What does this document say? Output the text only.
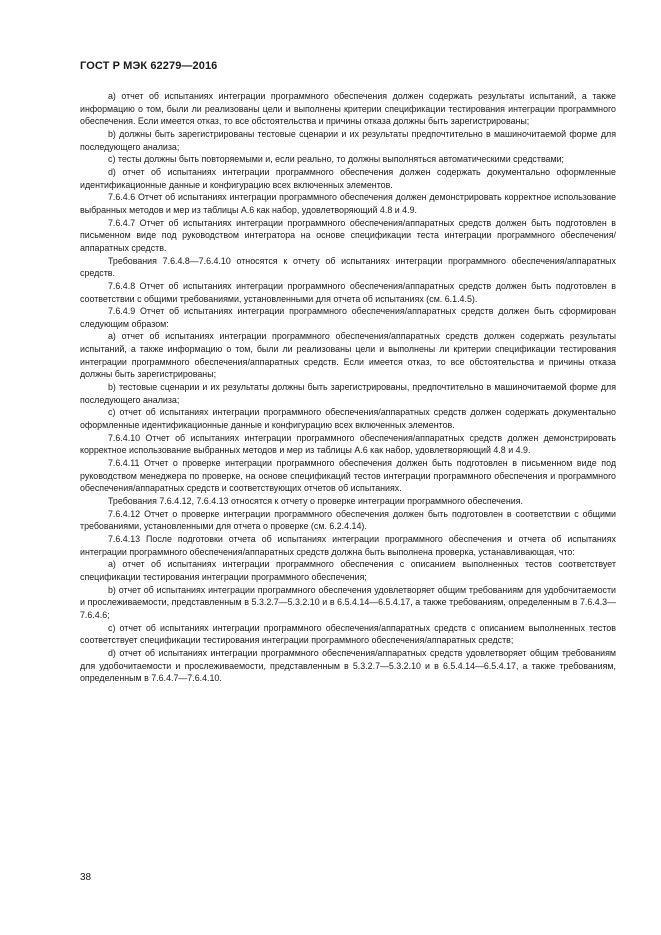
ГОСТ Р МЭК 62279—2016

a) отчет об испытаниях интеграции программного обеспечения должен содержать результаты испытаний, а также информацию о том, были ли реализованы цели и выполнены критерии спецификации тестирования интеграции программного обеспечения. Если имеется отказ, то все обстоятельства и причины отказа должны быть зарегистрированы;

b) должны быть зарегистрированы тестовые сценарии и их результаты предпочтительно в машиночитаемой форме для последующего анализа;

c) тесты должны быть повторяемыми и, если реально, то должны выполняться автоматическими средствами;

d) отчет об испытаниях интеграции программного обеспечения должен содержать документально оформленные идентификационные данные и конфигурацию всех включенных элементов.

7.6.4.6 Отчет об испытаниях интеграции программного обеспечения должен демонстрировать корректное использование выбранных методов и мер из таблицы А.6 как набор, удовлетворяющий 4.8 и 4.9.

7.6.4.7 Отчет об испытаниях интеграции программного обеспечения/аппаратных средств должен быть подготовлен в письменном виде под руководством интегратора на основе спецификации теста интеграции программного обеспечения/аппаратных средств.

Требования 7.6.4.8—7.6.4.10 относятся к отчету об испытаниях интеграции программного обеспечения/аппаратных средств.

7.6.4.8 Отчет об испытаниях интеграции программного обеспечения/аппаратных средств должен быть подготовлен в соответствии с общими требованиями, установленными для отчета об испытаниях (см. 6.1.4.5).

7.6.4.9 Отчет об испытаниях интеграции программного обеспечения/аппаратных средств должен быть сформирован следующим образом:

a) отчет об испытаниях интеграции программного обеспечения/аппаратных средств должен содержать результаты испытаний, а также информацию о том, были ли реализованы цели и выполнены ли критерии спецификации тестирования интеграции программного обеспечения/аппаратных средств. Если имеется отказ, то все обстоятельства и причины отказа должны быть зарегистрированы;

b) тестовые сценарии и их результаты должны быть зарегистрированы, предпочтительно в машиночитаемой форме для последующего анализа;

c) отчет об испытаниях интеграции программного обеспечения/аппаратных средств должен содержать документально оформленные идентификационные данные и конфигурацию всех включенных элементов.

7.6.4.10 Отчет об испытаниях интеграции программного обеспечения/аппаратных средств должен демонстрировать корректное использование выбранных методов и мер из таблицы А.6 как набор, удовлетворяющий 4.8 и 4.9.

7.6.4.11 Отчет о проверке интеграции программного обеспечения должен быть подготовлен в письменном виде под руководством менеджера по проверке, на основе спецификаций тестов интеграции программного обеспечения и программного обеспечения/аппаратных средств и соответствующих отчетов об испытаниях.

Требования 7.6.4.12, 7.6.4.13 относятся к отчету о проверке интеграции программного обеспечения.

7.6.4.12 Отчет о проверке интеграции программного обеспечения должен быть подготовлен в соответствии с общими требованиями, установленными для отчета о проверке (см. 6.2.4.14).

7.6.4.13 После подготовки отчета об испытаниях интеграции программного обеспечения и отчета об испытаниях интеграции программного обеспечения/аппаратных средств должна быть выполнена проверка, устанавливающая, что:

a) отчет об испытаниях интеграции программного обеспечения с описанием выполненных тестов соответствует спецификации тестирования интеграции программного обеспечения;

b) отчет об испытаниях интеграции программного обеспечения удовлетворяет общим требованиям для удобочитаемости и прослеживаемости, представленным в 5.3.2.7—5.3.2.10 и в 6.5.4.14—6.5.4.17, а также требованиям, определенным в 7.6.4.3—7.6.4.6;

c) отчет об испытаниях интеграции программного обеспечения/аппаратных средств с описанием выполненных тестов соответствует спецификации тестирования интеграции программного обеспечения/аппаратных средств;

d) отчет об испытаниях интеграции программного обеспечения/аппаратных средств удовлетворяет общим требованиям для удобочитаемости и прослеживаемости, представленным в 5.3.2.7—5.3.2.10 и в 6.5.4.14—6.5.4.17, а также требованиям, определенным в 7.6.4.7—7.6.4.10.

38
